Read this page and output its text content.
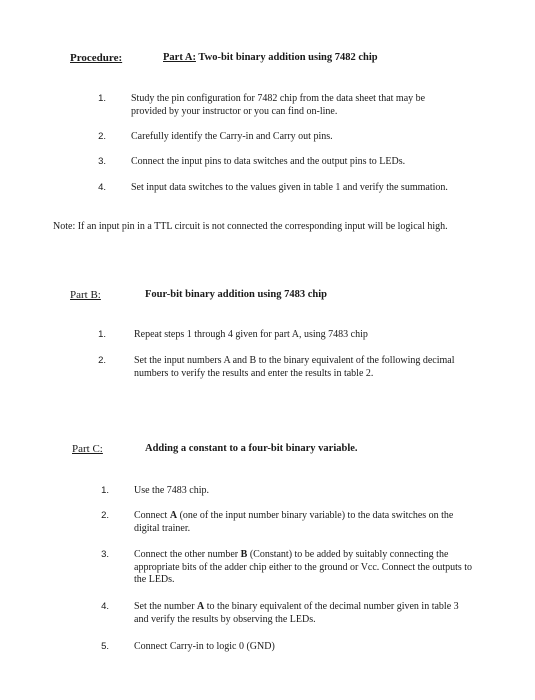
Procedure:	Part A: Two-bit binary addition using 7482 chip
1.	Study the pin configuration for 7482 chip from the data sheet that may be provided by your instructor or you can find on-line.
2.	Carefully identify the Carry-in and Carry out pins.
3.	Connect the input pins to data switches and the output pins to LEDs.
4.	Set input data switches to the values given in table 1 and verify the summation.
Note: If an input pin in a TTL circuit is not connected the corresponding input will be logical high.
Part B:	Four-bit binary addition using 7483 chip
1.	Repeat steps 1 through 4 given for part A, using 7483 chip
2.	Set the input numbers A and B to the binary equivalent of the following decimal numbers to verify the results and enter the results in table 2.
Part C:	Adding a constant to a four-bit binary variable.
1.	Use the 7483 chip.
2.	Connect A (one of the input number binary variable) to the data switches on the digital trainer.
3.	Connect the other number B (Constant) to be added by suitably connecting the appropriate bits of the adder chip either to the ground or Vcc. Connect the outputs to the LEDs.
4.	Set the number A to the binary equivalent of the decimal number given in table 3 and verify the results by observing the LEDs.
5.	Connect Carry-in to logic 0 (GND)
